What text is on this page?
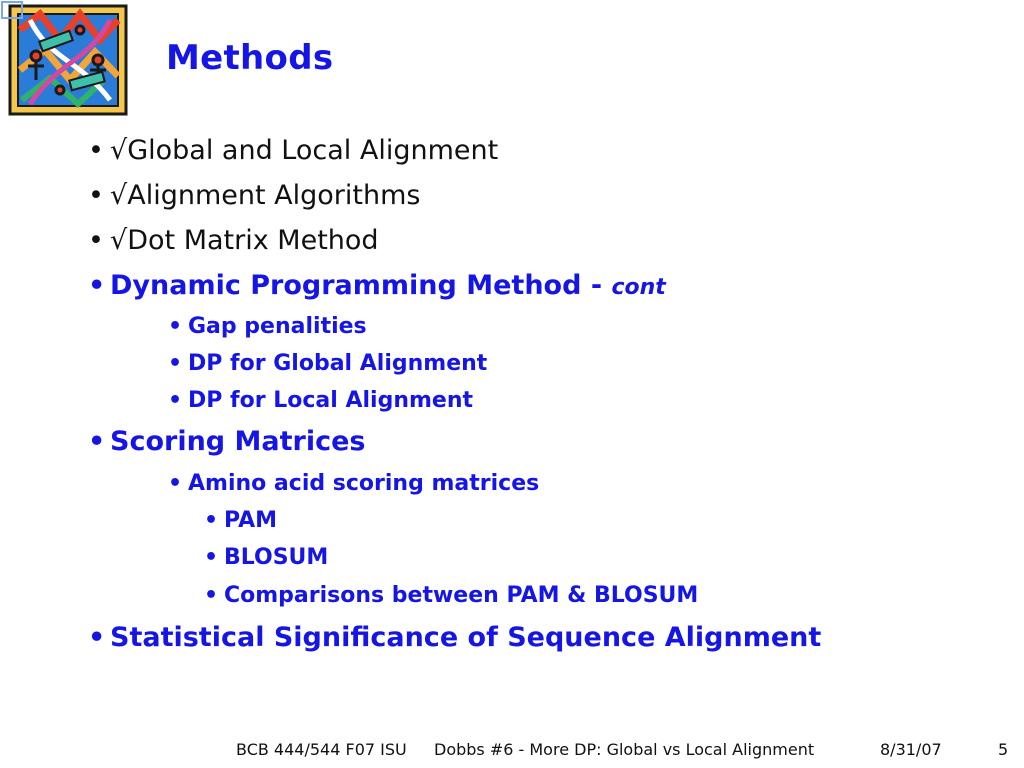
Methods
• √Global and Local Alignment
• √Alignment Algorithms
• √Dot Matrix Method
• Dynamic Programming Method - cont
• Gap penalities
• DP for Global Alignment
• DP for Local Alignment
• Scoring Matrices
• Amino acid scoring matrices
• PAM
• BLOSUM
• Comparisons between PAM & BLOSUM
• Statistical Significance of Sequence Alignment
BCB 444/544 F07 ISU Dobbs #6 - More DP: Global vs Local Alignment	8/31/07	5
